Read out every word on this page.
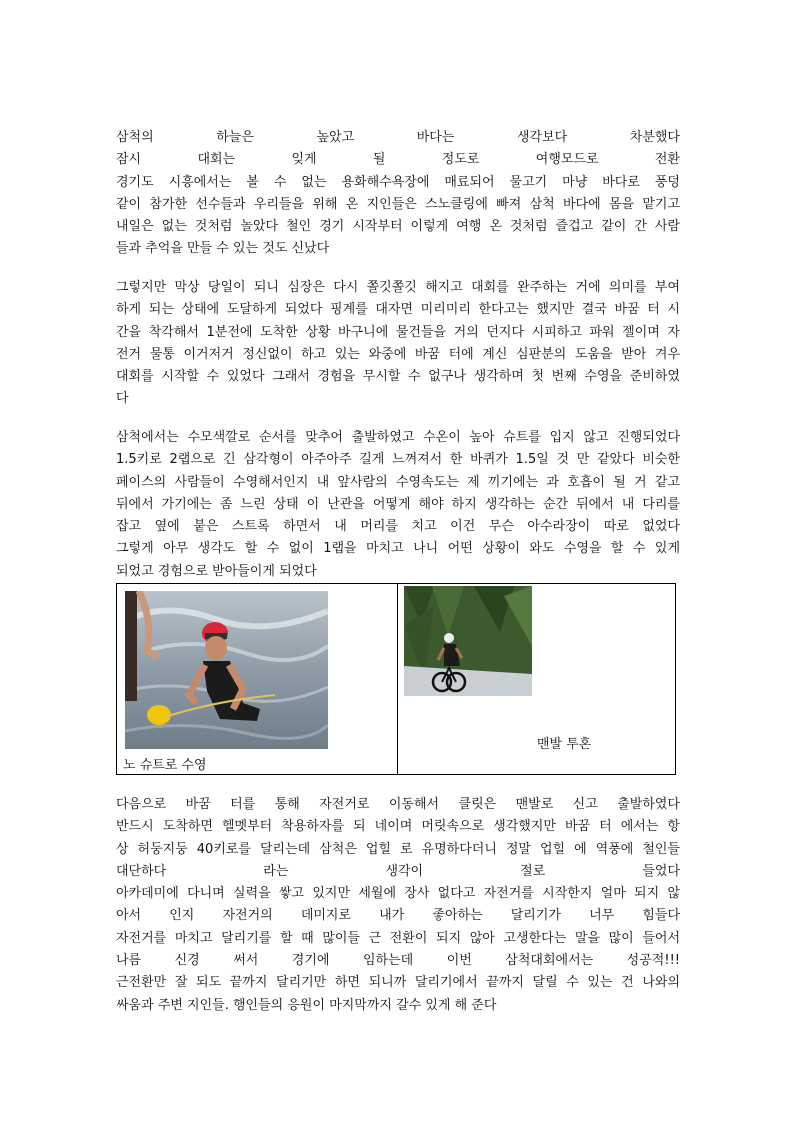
삼척의 하늘은 높았고 바다는 생각보다 차분했다
잠시 대회는 잊게 될 정도로 여행모드로 전환
경기도 시흥에서는 볼 수 없는 용화해수욕장에 매료되어 물고기 마냥 바다로 풍덩
같이 참가한 선수들과 우리들을 위해 온 지인들은 스노클링에 빠져 삼척 바다에 몸을 맡기고
내일은 없는 것처럼 놀았다 철인 경기 시작부터 이렇게 여행 온 것처럼 즐겁고 같이 간 사람
들과 추억을 만들 수 있는 것도 신났다
그렇지만 막상 당일이 되니 심장은 다시 쫄깃쫄깃 해지고 대회를 완주하는 거에 의미를 부여
하게 되는 상태에 도달하게 되었다 핑계를 대자면 미리미리 한다고는 했지만 결국 바꿈 터 시
간을 착각해서 1분전에 도착한 상황 바구니에 물건들을 거의 던지다 시피하고 파워 젤이며 자
전거 물통 이거저거 정신없이 하고 있는 와중에 바꿈 터에 계신 심판분의 도움을 받아 겨우
대회를 시작할 수 있었다 그래서 경험을 무시할 수 없구나 생각하며 첫 번째 수영을 준비하였
다
삼척에서는 수모색깔로 순서를 맞추어 출발하였고 수온이 높아 슈트를 입지 않고 진행되었다
1.5키로 2랩으로 긴 삼각형이 아주아주 길게 느껴져서 한 바퀴가 1.5일 것 만 같았다 비슷한
페이스의 사람들이 수영해서인지 내 앞사람의 수영속도는 제 끼기에는 과 호흡이 될 거 같고
뒤에서 가기에는 좀 느린 상태 이 난관을 어떻게 해야 하지 생각하는 순간 뒤에서 내 다리를
잡고 옆에 붙은 스트록 하면서 내 머리를 치고 이건 무슨 아수라장이 따로 없었다
그렇게 아무 생각도 할 수 없이 1랩을 마치고 나니 어떤 상황이 와도 수영을 할 수 있게
되었고 경험으로 받아들이게 되었다
노 슈트로 수영
맨발 투혼
다음으로 바꿈 터를 통해 자전거로 이동해서 클릿은 맨발로 신고 출발하였다
반드시 도착하면 헬멧부터 착용하자를 되 네이며 머릿속으로 생각했지만 바꿈 터 에서는 항
상 허둥지둥 40키로를 달리는데 삼척은 업힐 로 유명하다더니 정말 업힐 에 역풍에 철인들
대단하다 라는 생각이 절로 들었다
아카데미에 다니며 실력을 쌓고 있지만 세월에 장사 없다고 자전거를 시작한지 얼마 되지 않
아서 인지 자전거의 데미지로 내가 좋아하는 달리기가 너무 힘들다
자전거를 마치고 달리기를 할 때 많이들 근 전환이 되지 않아 고생한다는 말을 많이 들어서
나름 신경 써서 경기에 임하는데 이번 삼척대회에서는 성공적!!!
근전환만 잘 되도 끝까지 달리기만 하면 되니까 달리기에서 끝까지 달릴 수 있는 건 나와의
싸움과 주변 지인들. 행인들의 응원이 마지막까지 갈수 있게 해 준다
